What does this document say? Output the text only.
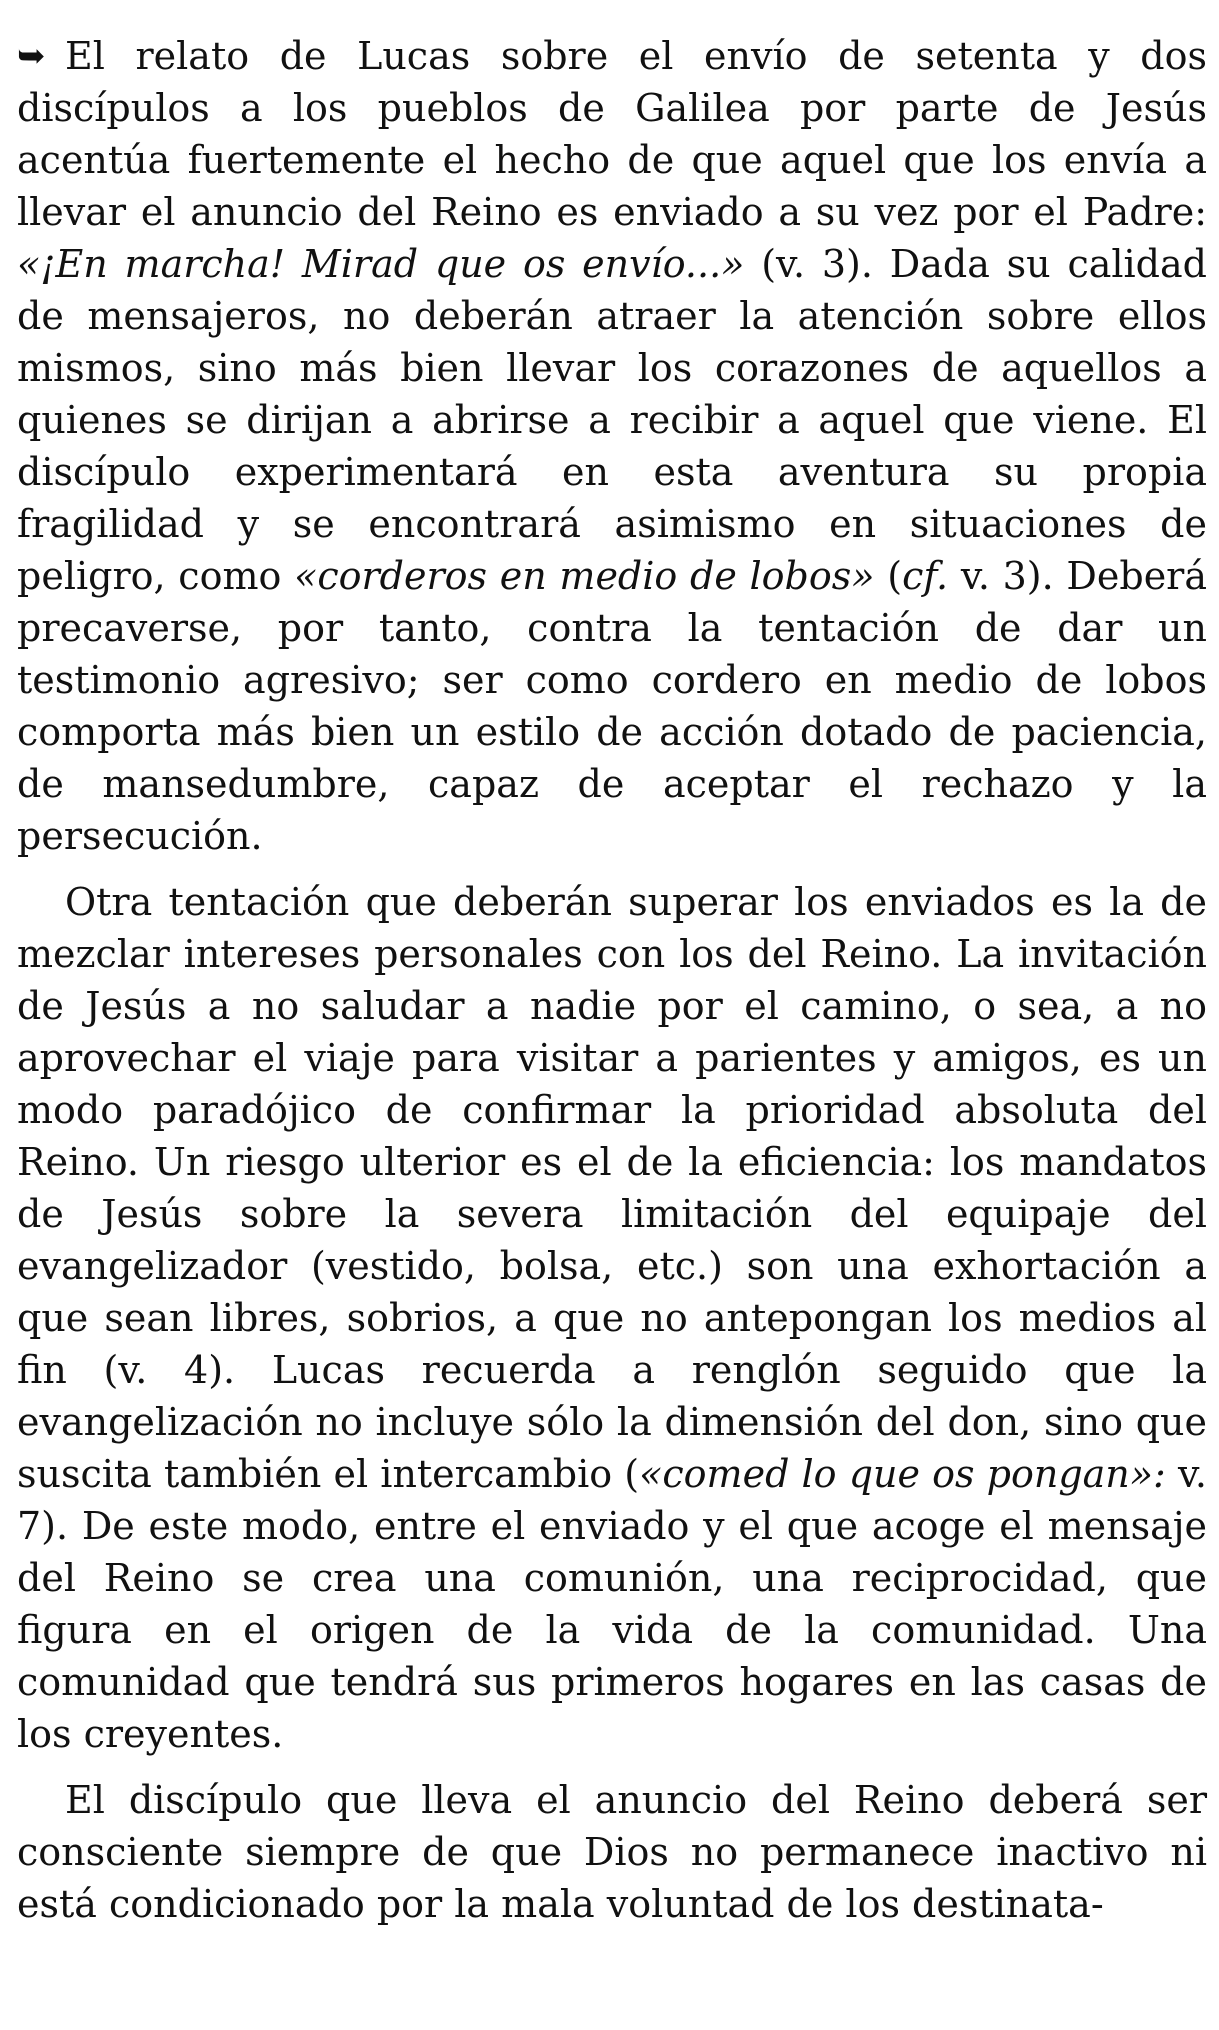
➥ El relato de Lucas sobre el envío de setenta y dos discípulos a los pueblos de Galilea por parte de Jesús acentúa fuertemente el hecho de que aquel que los envía a llevar el anuncio del Reino es enviado a su vez por el Padre: «¡En marcha! Mirad que os envío...» (v. 3). Dada su calidad de mensajeros, no deberán atraer la atención sobre ellos mismos, sino más bien llevar los corazones de aquellos a quienes se dirijan a abrirse a recibir a aquel que viene. El discípulo experimentará en esta aventura su propia fragilidad y se encontrará asimismo en situaciones de peligro, como «corderos en medio de lobos» (cf. v. 3). Deberá precaverse, por tanto, contra la tentación de dar un testimonio agresivo; ser como cordero en medio de lobos comporta más bien un estilo de acción dotado de paciencia, de mansedumbre, capaz de aceptar el rechazo y la persecución.

Otra tentación que deberán superar los enviados es la de mezclar intereses personales con los del Reino. La invitación de Jesús a no saludar a nadie por el camino, o sea, a no aprovechar el viaje para visitar a parientes y amigos, es un modo paradójico de confirmar la prioridad absoluta del Reino. Un riesgo ulterior es el de la eficiencia: los mandatos de Jesús sobre la severa limitación del equipaje del evangelizador (vestido, bolsa, etc.) son una exhortación a que sean libres, sobrios, a que no antepongan los medios al fin (v. 4). Lucas recuerda a renglón seguido que la evangelización no incluye sólo la dimensión del don, sino que suscita también el intercambio («comed lo que os pongan»: v. 7). De este modo, entre el enviado y el que acoge el mensaje del Reino se crea una comunión, una reciprocidad, que figura en el origen de la vida de la comunidad. Una comunidad que tendrá sus primeros hogares en las casas de los creyentes.

El discípulo que lleva el anuncio del Reino deberá ser consciente siempre de que Dios no permanece inactivo ni está condicionado por la mala voluntad de los destinata-
